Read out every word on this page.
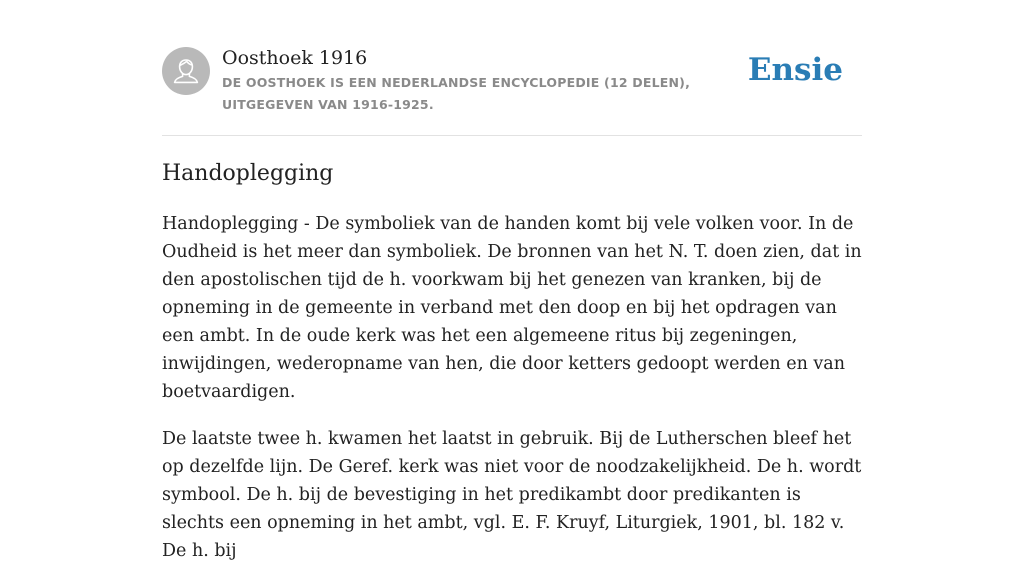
Oosthoek 1916
DE OOSTHOEK IS EEN NEDERLANDSE ENCYCLOPEDIE (12 DELEN), UITGEGEVEN VAN 1916-1925.
Ensie
Handoplegging

Handoplegging - De symboliek van de handen komt bij vele volken voor. In de Oudheid is het meer dan symboliek. De bronnen van het N. T. doen zien, dat in den apostolischen tijd de h. voorkwam bij het genezen van kranken, bij de opneming in de gemeente in verband met den doop en bij het opdragen van een ambt. In de oude kerk was het een algemeene ritus bij zegeningen, inwijdingen, wederopname van hen, die door ketters gedoopt werden en van boetvaardigen.

De laatste twee h. kwamen het laatst in gebruik. Bij de Lutherschen bleef het op dezelfde lijn. De Geref. kerk was niet voor de noodzakelijkheid. De h. wordt symbool. De h. bij de bevestiging in het predikambt door predikanten is slechts een opneming in het ambt, vgl. E. F. Kruyf, Liturgiek, 1901, bl. 182 v. De h. bij
